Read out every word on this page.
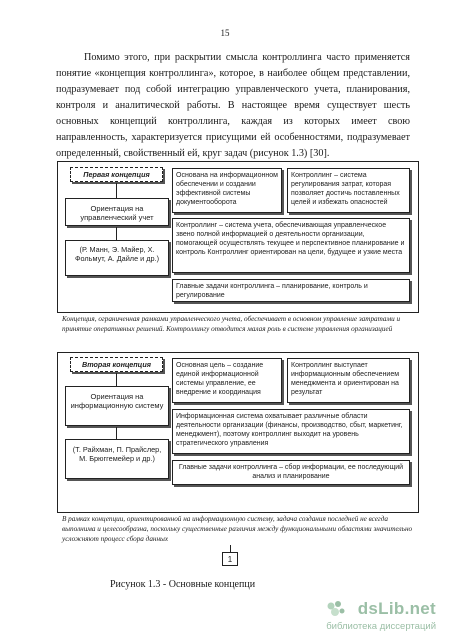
15

Помимо этого, при раскрытии смысла контроллинга часто применяется понятие «концепция контроллинга», которое, в наиболее общем представлении, подразумевает под собой интеграцию управленческого учета, планирования, контроля и аналитической работы. В настоящее время существует шесть основных концепций контроллинга, каждая из которых имеет свою направленность, характеризуется присущими ей особенностями, подразумевает определенный, свойственный ей, круг задач (рисунок 1.3) [30].

Первая концепция
Ориентация на управленческий учет
(Р. Манн, Э. Майер, Х. Фольмут, А. Дайле и др.)
Основана на информационном обеспечении и создании эффективной системы документооборота
Контроллинг – система регулирования затрат, которая позволяет достичь поставленных целей и избежать опасностей
Контроллинг – система учета, обеспечивающая управленческое звено полной информацией о деятельности организации, помогающей осуществлять текущее и перспективное планирование и контроль Контроллинг ориентирован на цели, будущее и узкие места
Главные задачи контроллинга – планирование, контроль и регулирование
Концепция, ограниченная рамками управленческого учета, обеспечивает в основном управление затратами и принятие оперативных решений. Контроллингу отводится малая роль в системе управления организацией
Вторая концепция
Ориентация на информационную систему
(Т. Райхман, П. Прайслер, М. Брюггемейер и др.)
Основная цель – создание единой информационной системы управление, ее внедрение и координация
Контроллинг выступает информационным обеспечением менеджмента и ориентирован на результат
Информационная система охватывает различные области деятельности организации (финансы, производство, сбыт, маркетинг, менеджмент), поэтому контроллинг выходит на уровень стратегического управления
Главные задачи контроллинга – сбор информации, ее последующий анализ и планирование
В рамках концепции, ориентированной на информационную систему, задача создания последней не всегда выполнима и целесообразна, поскольку существенные различия между функциональными областями значительно усложняют процесс сбора данных
1
Рисунок 1.3 - Основные концепци
dsLib.net
библиотека диссертаций
